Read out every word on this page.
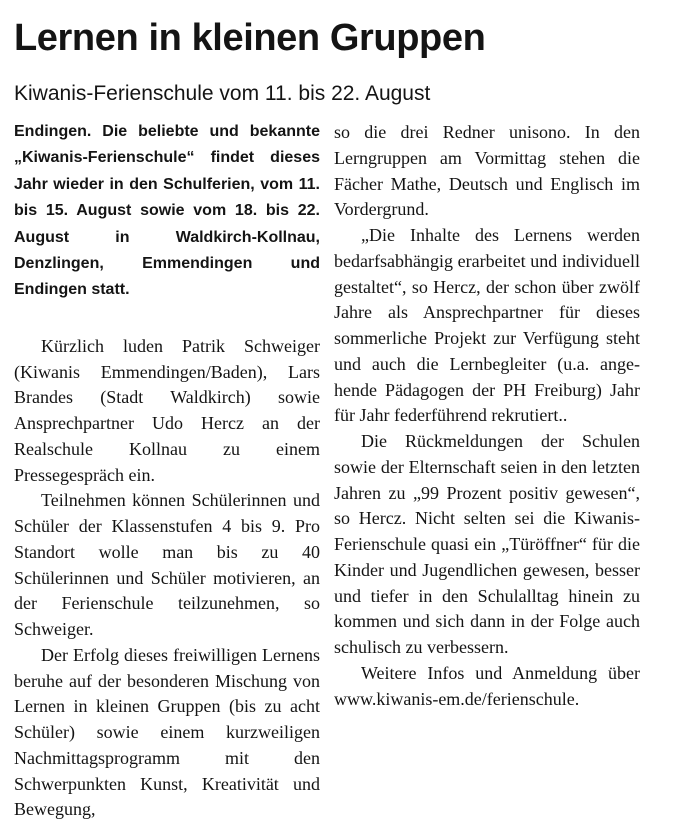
Lernen in kleinen Gruppen
Kiwanis-Ferienschule vom 11. bis 22. August

Endingen. Die beliebte und bekannte „Kiwanis-Ferienschule“ findet dieses Jahr wieder in den Schulferien, vom 11. bis 15. August sowie vom 18. bis 22. August in Waldkirch-Kollnau, Denzlingen, Emmendingen und Endingen statt.

Kürzlich luden Patrik Schweiger (Kiwanis Emmendingen/Baden), Lars Brandes (Stadt Waldkirch) sowie Ansprechpartner Udo Hercz an der Realschule Kollnau zu einem Pressegespräch ein.

Teilnehmen können Schülerinnen und Schüler der Klassenstufen 4 bis 9. Pro Standort wolle man bis zu 40 Schülerinnen und Schüler motivieren, an der Ferienschule teilzunehmen, so Schweiger.

Der Erfolg dieses freiwilligen Lernens beruhe auf der besonderen Mischung von Lernen in kleinen Gruppen (bis zu acht Schüler) sowie einem kurzweiligen Nachmittagsprogramm mit den Schwerpunkten Kunst, Kreativität und Bewegung,

so die drei Redner unisono. In den Lerngruppen am Vormittag stehen die Fächer Mathe, Deutsch und Englisch im Vordergrund.

„Die Inhalte des Lernens werden bedarfsabhängig erarbeitet und individuell gestaltet“, so Hercz, der schon über zwölf Jahre als Ansprechpartner für dieses sommerliche Projekt zur Verfügung steht und auch die Lernbegleiter (u.a. angehende Pädagogen der PH Freiburg) Jahr für Jahr federführend rekrutiert..

Die Rückmeldungen der Schulen sowie der Elternschaft seien in den letzten Jahren zu „99 Prozent positiv gewesen“, so Hercz. Nicht selten sei die Kiwanis-Ferienschule quasi ein „Türöffner“ für die Kinder und Jugendlichen gewesen, besser und tiefer in den Schulalltag hinein zu kommen und sich dann in der Folge auch schulisch zu verbessern.

Weitere Infos und Anmeldung über www.kiwanis-em.de/ferienschule.
